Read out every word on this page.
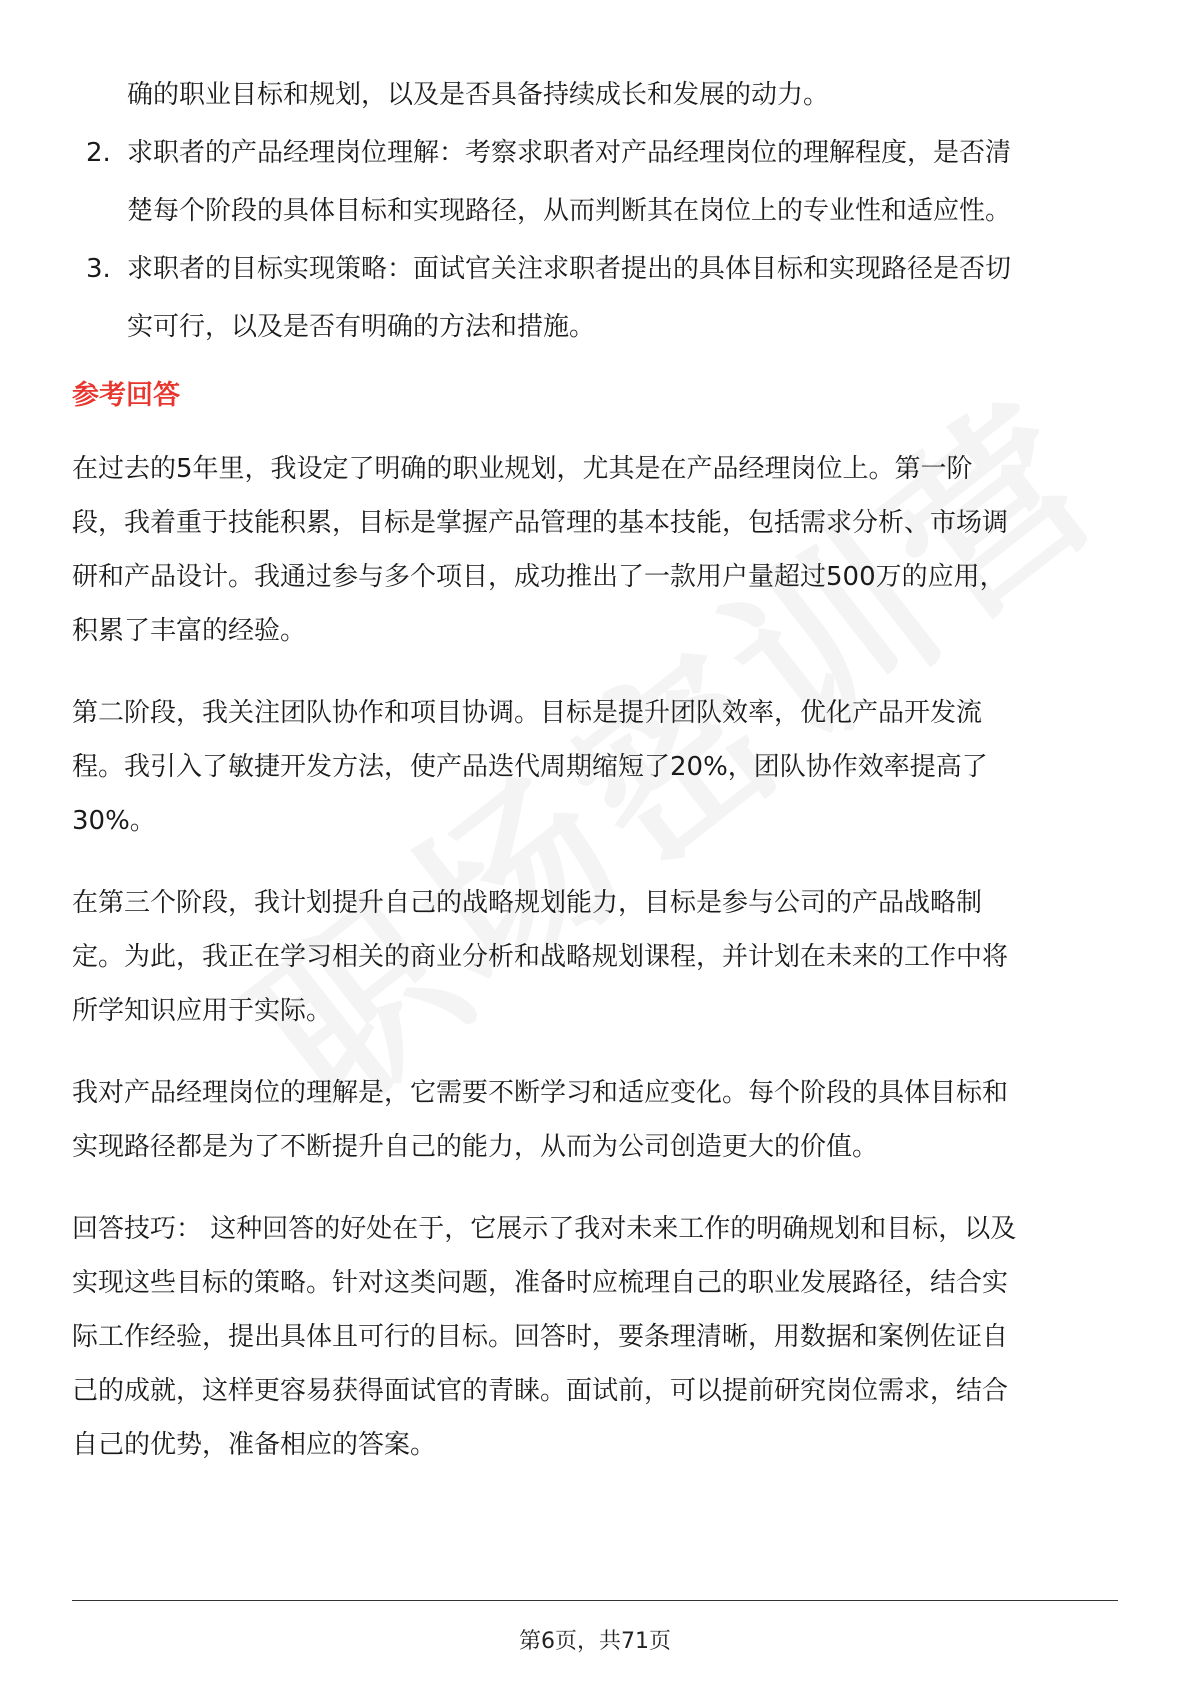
确的职业目标和规划，以及是否具备持续成长和发展的动力。
2. 求职者的产品经理岗位理解：考察求职者对产品经理岗位的理解程度，是否清
楚每个阶段的具体目标和实现路径，从而判断其在岗位上的专业性和适应性。
3. 求职者的目标实现策略：面试官关注求职者提出的具体目标和实现路径是否切
实可行，以及是否有明确的方法和措施。
参考回答
在过去的5年里，我设定了明确的职业规划，尤其是在产品经理岗位上。第一阶
段，我着重于技能积累，目标是掌握产品管理的基本技能，包括需求分析、市场调
研和产品设计。我通过参与多个项目，成功推出了一款用户量超过500万的应用，
积累了丰富的经验。
第二阶段，我关注团队协作和项目协调。目标是提升团队效率，优化产品开发流
程。我引入了敏捷开发方法，使产品迭代周期缩短了20%，团队协作效率提高了
30%。
在第三个阶段，我计划提升自己的战略规划能力，目标是参与公司的产品战略制
定。为此，我正在学习相关的商业分析和战略规划课程，并计划在未来的工作中将
所学知识应用于实际。
我对产品经理岗位的理解是，它需要不断学习和适应变化。每个阶段的具体目标和
实现路径都是为了不断提升自己的能力，从而为公司创造更大的价值。
回答技巧： 这种回答的好处在于，它展示了我对未来工作的明确规划和目标，以及
实现这些目标的策略。针对这类问题，准备时应梳理自己的职业发展路径，结合实
际工作经验，提出具体且可行的目标。回答时，要条理清晰，用数据和案例佐证自
己的成就，这样更容易获得面试官的青睐。面试前，可以提前研究岗位需求，结合
自己的优势，准备相应的答案。
第6页，共71页
